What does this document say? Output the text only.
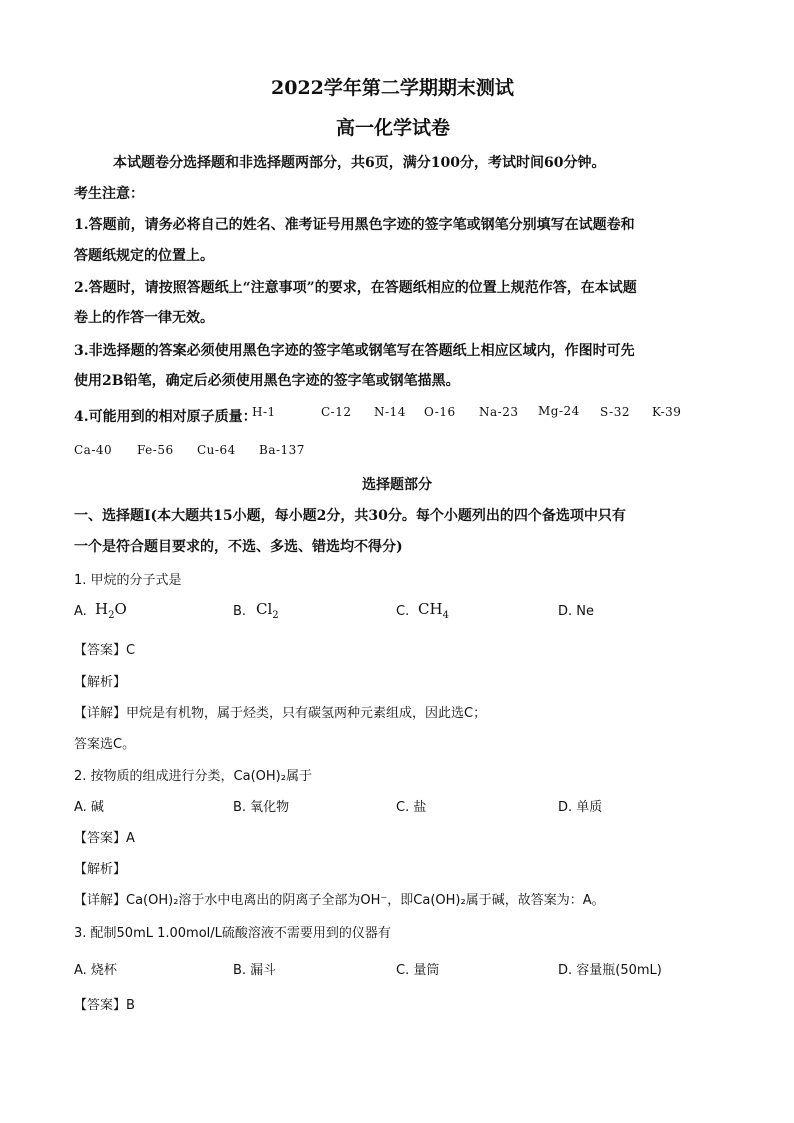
2022学年第二学期期末测试
高一化学试卷
本试题卷分选择题和非选择题两部分，共6页，满分100分，考试时间60分钟。
考生注意：
1.答题前，请务必将自己的姓名、准考证号用黑色字迹的签字笔或钢笔分别填写在试题卷和
答题纸规定的位置上。
2.答题时，请按照答题纸上“注意事项”的要求，在答题纸相应的位置上规范作答，在本试题
卷上的作答一律无效。
3.非选择题的答案必须使用黑色字迹的签字笔或钢笔写在答题纸上相应区域内，作图时可先
使用2B铅笔，确定后必须使用黑色字迹的签字笔或钢笔描黑。
4.可能用到的相对原子质量：
H-1	C-12 N-14 O-16 Na-23 Mg-24 S-32 K-39
Ca-40 Fe-56 Cu-64 Ba-137
选择题部分
一、选择题Ⅰ(本大题共15小题，每小题2分，共30分。每个小题列出的四个备选项中只有
一个是符合题目要求的，不选、多选、错选均不得分)
1. 甲烷的分子式是
A. $H_2O$	B. $Cl_2$	C. $CH_4$	D. Ne
【答案】C
【解析】
【详解】甲烷是有机物，属于烃类，只有碳氢两种元素组成，因此选C；
答案选C。
2. 按物质的组成进行分类，Ca(OH)₂属于
A. 碱	B. 氧化物	C. 盐	D. 单质
【答案】A
【解析】
【详解】Ca(OH)₂溶于水中电离出的阴离子全部为OH⁻，即Ca(OH)₂属于碱，故答案为：A。
3. 配制50mL 1.00mol/L硫酸溶液不需要用到的仪器有
A. 烧杯	B. 漏斗	C. 量筒	D. 容量瓶(50mL)
【答案】B
